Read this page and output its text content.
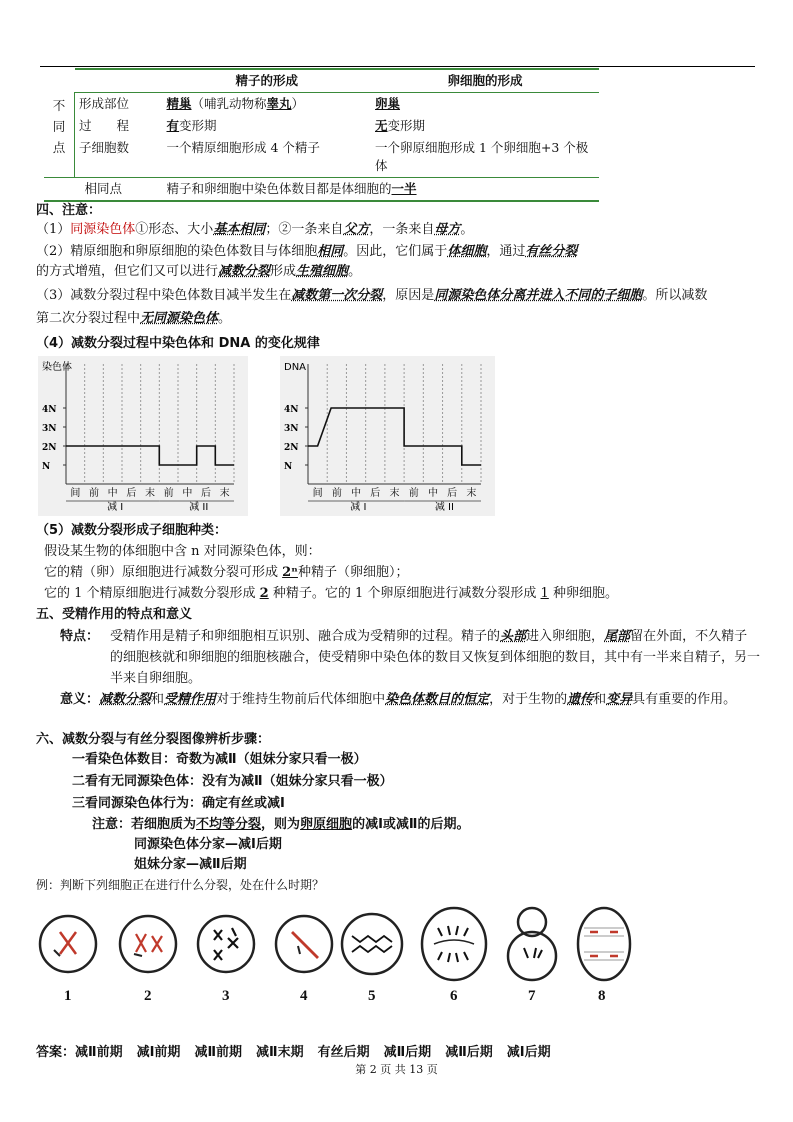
		精子的形成	卵细胞的形成
不同点	形成部位	精巢（哺乳动物称睾丸）	卵巢
	过　　程	有变形期	无变形期
	子细胞数	一个精原细胞形成 4 个精子	一个卵原细胞形成 1 个卵细胞+3 个极体
相同点		精子和卵细胞中染色体数目都是体细胞的一半	
四、注意：
（1）同源染色体①形态、大小基本相同；②一条来自父方，一条来自母方。
（2）精原细胞和卵原细胞的染色体数目与体细胞相同。因此，它们属于体细胞，通过有丝分裂
的方式增殖，但它们又可以进行减数分裂形成生殖细胞。
（3）减数分裂过程中染色体数目减半发生在减数第一次分裂，原因是同源染色体分离并进入不同的子细胞。所以减数
第二次分裂过程中无同源染色体。
（4）减数分裂过程中染色体和 DNA 的变化规律
染色体
4N
3N
2N
N
间 前 中 后 末 前 中 后 末
减 I	减 II
DNA
4N
3N
2N
N
间 前 中 后 末 前 中 后 末
减 I	减 II
（5）减数分裂形成子细胞种类：
假设某生物的体细胞中含 n 对同源染色体，则：
它的精（卵）原细胞进行减数分裂可形成 2ⁿ种精子（卵细胞）；
它的 1 个精原细胞进行减数分裂形成 2 种精子。它的 1 个卵原细胞进行减数分裂形成 1 种卵细胞。
五、受精作用的特点和意义
特点： 受精作用是精子和卵细胞相互识别、融合成为受精卵的过程。精子的头部进入卵细胞，尾部留在外面，不久精子的细胞核就和卵细胞的细胞核融合，使受精卵中染色体的数目又恢复到体细胞的数目，其中有一半来自精子，另一半来自卵细胞。
意义：减数分裂和受精作用对于维持生物前后代体细胞中染色体数目的恒定，对于生物的遗传和变异具有重要的作用。
六、减数分裂与有丝分裂图像辨析步骤：
一看染色体数目：奇数为减Ⅱ（姐妹分家只看一极）
二看有无同源染色体：没有为减Ⅱ（姐妹分家只看一极）
三看同源染色体行为：确定有丝或减Ⅰ
注意：若细胞质为不均等分裂，则为卵原细胞的减Ⅰ或减Ⅱ的后期。
同源染色体分家—减Ⅰ后期
姐妹分家—减Ⅱ后期
例：判断下列细胞正在进行什么分裂，处在什么时期？
1	2	3	4	5	6	7	8
答案：减Ⅱ前期 减Ⅰ前期 减Ⅱ前期 减Ⅱ末期 有丝后期 减Ⅱ后期 减Ⅱ后期 减Ⅰ后期
第 2 页 共 13 页
